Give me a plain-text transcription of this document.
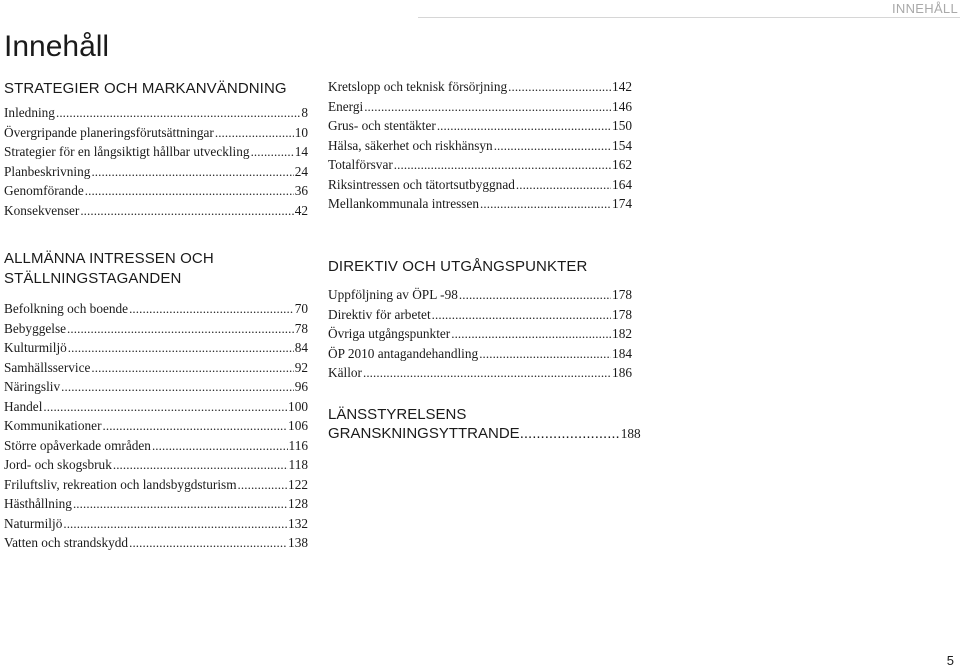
INNEHÅLL
Innehåll
STRATEGIER OCH MARKANVÄNDNING
Inledning .....	8
Övergripande planeringsförutsättningar .....	10
Strategier för en långsiktigt hållbar utveckling .....	14
Planbeskrivning .....	24
Genomförande .....	36
Konsekvenser .....	42
ALLMÄNNA INTRESSEN OCH
STÄLLNINGSTAGANDEN
Befolkning och boende .....	70
Bebyggelse .....	78
Kulturmiljö .....	84
Samhällsservice .....	92
Näringsliv .....	96
Handel .....	100
Kommunikationer .....	106
Större opåverkade områden .....	116
Jord- och skogsbruk .....	118
Friluftsliv, rekreation och landsbygdsturism .....	122
Hästhållning .....	128
Naturmiljö .....	132
Vatten och strandskydd .....	138
Kretslopp och teknisk försörjning .....	142
Energi .....	146
Grus- och stentäkter .....	150
Hälsa, säkerhet och riskhänsyn .....	154
Totalförsvar .....	162
Riksintressen och tätortsutbyggnad .....	164
Mellankommunala intressen .....	174
DIREKTIV OCH UTGÅNGSPUNKTER
Uppföljning av ÖPL -98 .....	178
Direktiv för arbetet .....	178
Övriga utgångspunkter .....	182
ÖP 2010 antagandehandling .....	184
Källor .....	186
LÄNSSTYRELSENS
GRANSKNINGSYTTRANDE ........................ 188
5
